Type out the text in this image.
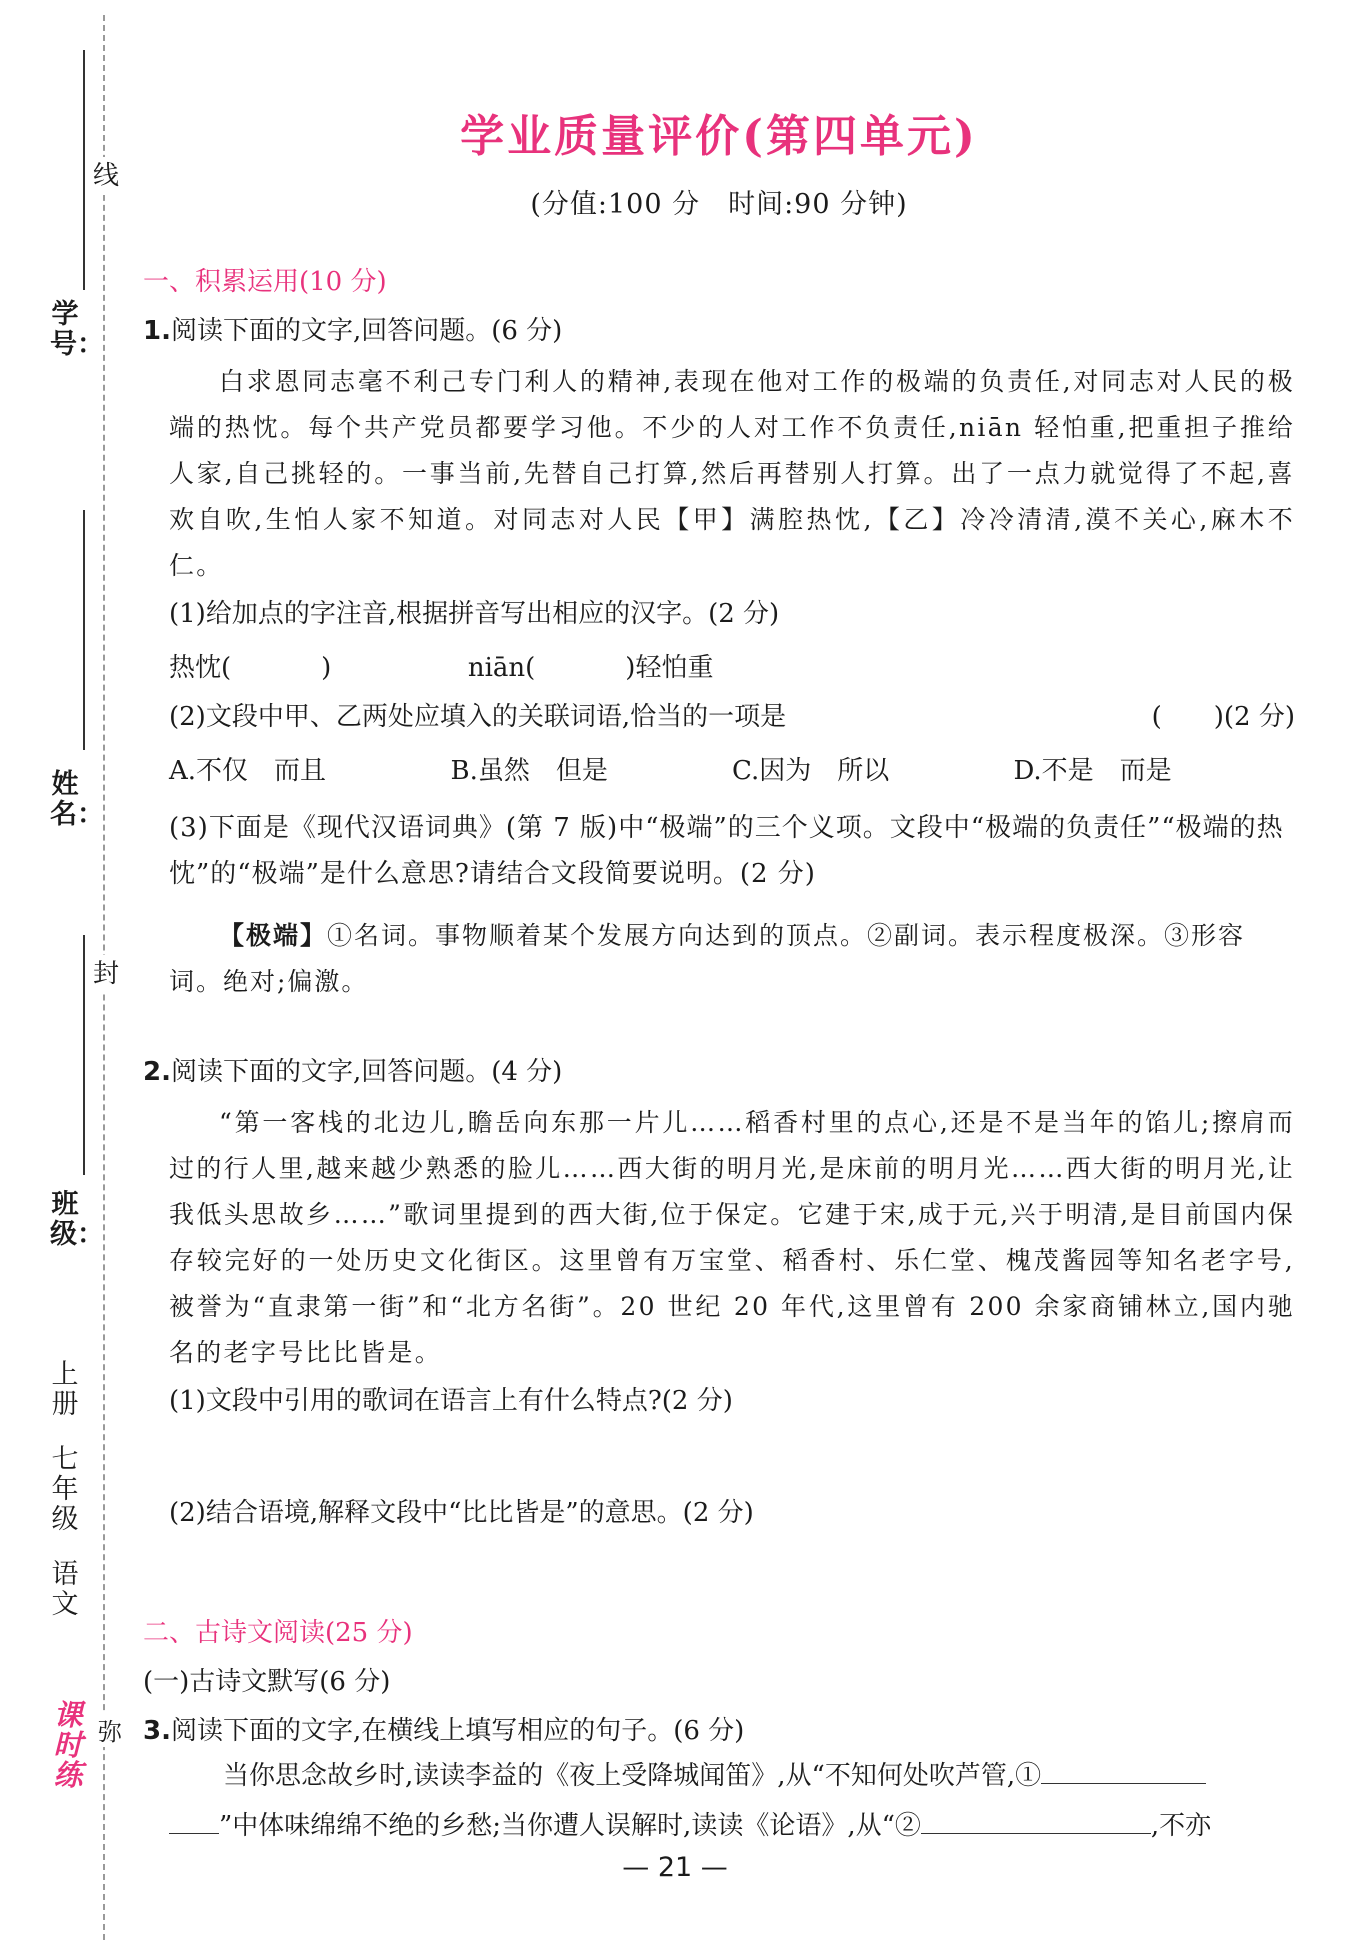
线
封
学号：
姓名：
班级：
上册
七年级
语文
课时练
弥
学业质量评价(第四单元)
(分值:100 分　时间:90 分钟)
一、积累运用(10 分)
1.阅读下面的文字,回答问题。(6 分)
白求恩同志毫不利己专门利人的精神,表现在他对工作的极端的负责任,对同志对人民的极端的热忱。每个共产党员都要学习他。不少的人对工作不负责任,niān 轻怕重,把重担子推给人家,自己挑轻的。一事当前,先替自己打算,然后再替别人打算。出了一点力就觉得了不起,喜欢自吹,生怕人家不知道。对同志对人民【甲】满腔热忱,【乙】冷冷清清,漠不关心,麻木不仁。
(1)给加点的字注音,根据拼音写出相应的汉字。(2 分)
热忱(	)	niān(	)轻怕重
(2)文段中甲、乙两处应填入的关联词语,恰当的一项是	(　　)(2 分)
A.不仅　而且	B.虽然　但是	C.因为　所以	D.不是　而是
(3)下面是《现代汉语词典》(第 7 版)中“极端”的三个义项。文段中“极端的负责任”“极端的热忱”的“极端”是什么意思?请结合文段简要说明。(2 分)
【极端】①名词。事物顺着某个发展方向达到的顶点。②副词。表示程度极深。③形容词。绝对;偏激。
2.阅读下面的文字,回答问题。(4 分)
“第一客栈的北边儿,瞻岳向东那一片儿……稻香村里的点心,还是不是当年的馅儿;擦肩而过的行人里,越来越少熟悉的脸儿……西大街的明月光,是床前的明月光……西大街的明月光,让我低头思故乡……”歌词里提到的西大街,位于保定。它建于宋,成于元,兴于明清,是目前国内保存较完好的一处历史文化街区。这里曾有万宝堂、稻香村、乐仁堂、槐茂酱园等知名老字号,被誉为“直隶第一街”和“北方名街”。20 世纪 20 年代,这里曾有 200 余家商铺林立,国内驰名的老字号比比皆是。
(1)文段中引用的歌词在语言上有什么特点?(2 分)
(2)结合语境,解释文段中“比比皆是”的意思。(2 分)
二、古诗文阅读(25 分)
(一)古诗文默写(6 分)
3.阅读下面的文字,在横线上填写相应的句子。(6 分)
当你思念故乡时,读读李益的《夜上受降城闻笛》,从“不知何处吹芦管,①
”中体味绵绵不绝的乡愁;当你遭人误解时,读读《论语》,从“②	,不亦
— 21 —
